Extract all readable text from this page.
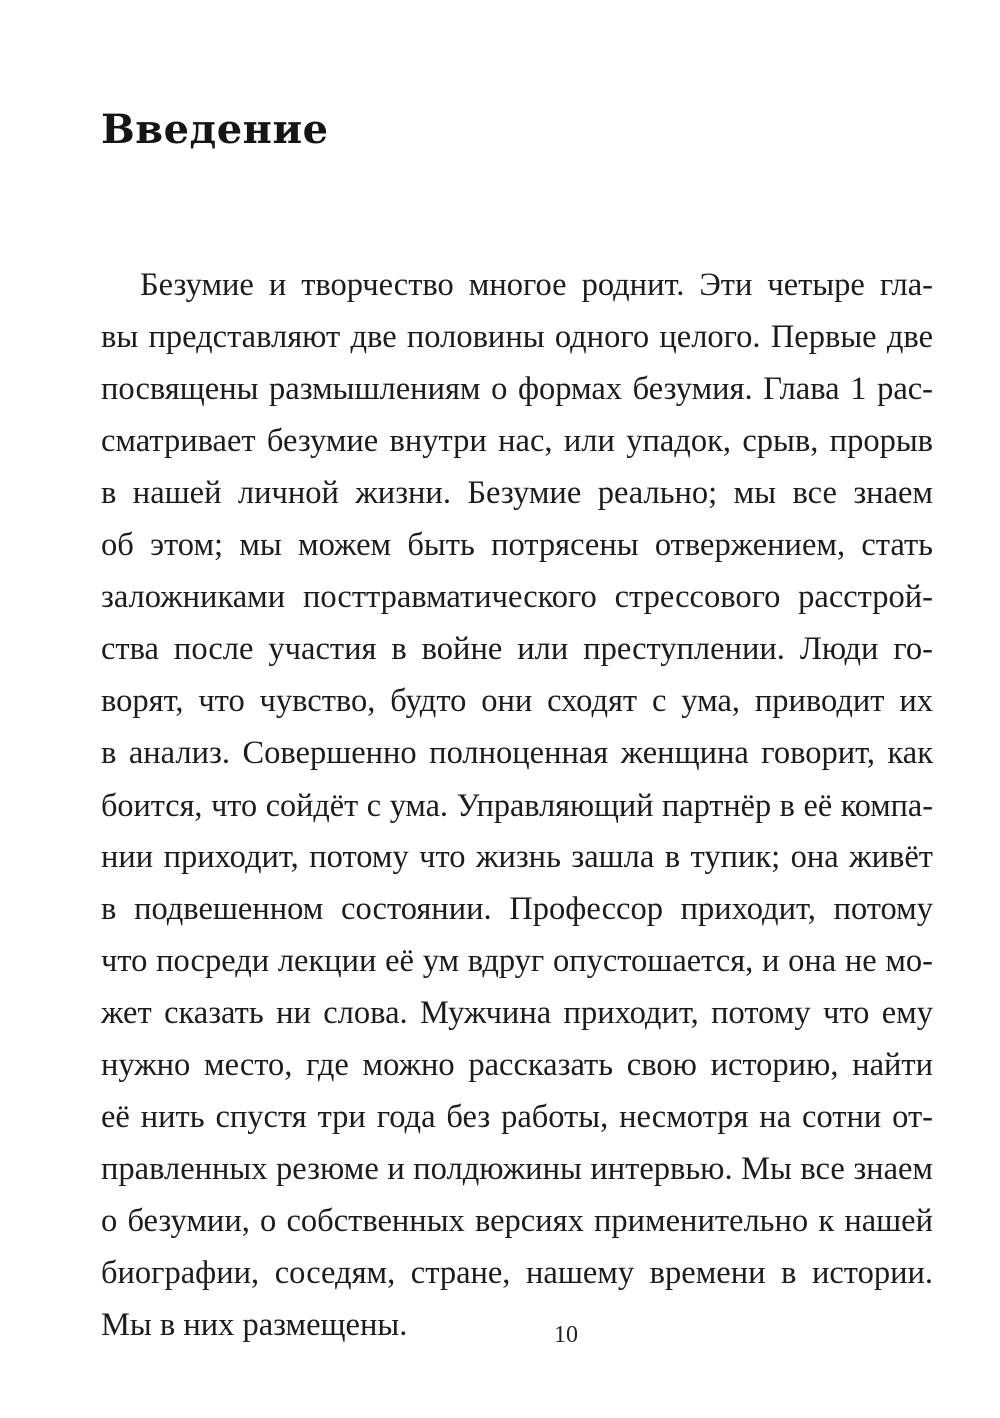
Введение
Безумие и творчество многое роднит. Эти четыре гла-
вы представляют две половины одного целого. Первые две
посвящены размышлениям о формах безумия. Глава 1 рас-
сматривает безумие внутри нас, или упадок, срыв, прорыв
в нашей личной жизни. Безумие реально; мы все знаем
об этом; мы можем быть потрясены отвержением, стать
заложниками посттравматического стрессового расстрой-
ства после участия в войне или преступлении. Люди го-
ворят, что чувство, будто они сходят с ума, приводит их
в анализ. Совершенно полноценная женщина говорит, как
боится, что сойдёт с ума. Управляющий партнёр в её компа-
нии приходит, потому что жизнь зашла в тупик; она живёт
в подвешенном состоянии. Профессор приходит, потому
что посреди лекции её ум вдруг опустошается, и она не мо-
жет сказать ни слова. Мужчина приходит, потому что ему
нужно место, где можно рассказать свою историю, найти
её нить спустя три года без работы, несмотря на сотни от-
правленных резюме и полдюжины интервью. Мы все знаем
о безумии, о собственных версиях применительно к нашей
биографии, соседям, стране, нашему времени в истории.
Мы в них размещены.	10
